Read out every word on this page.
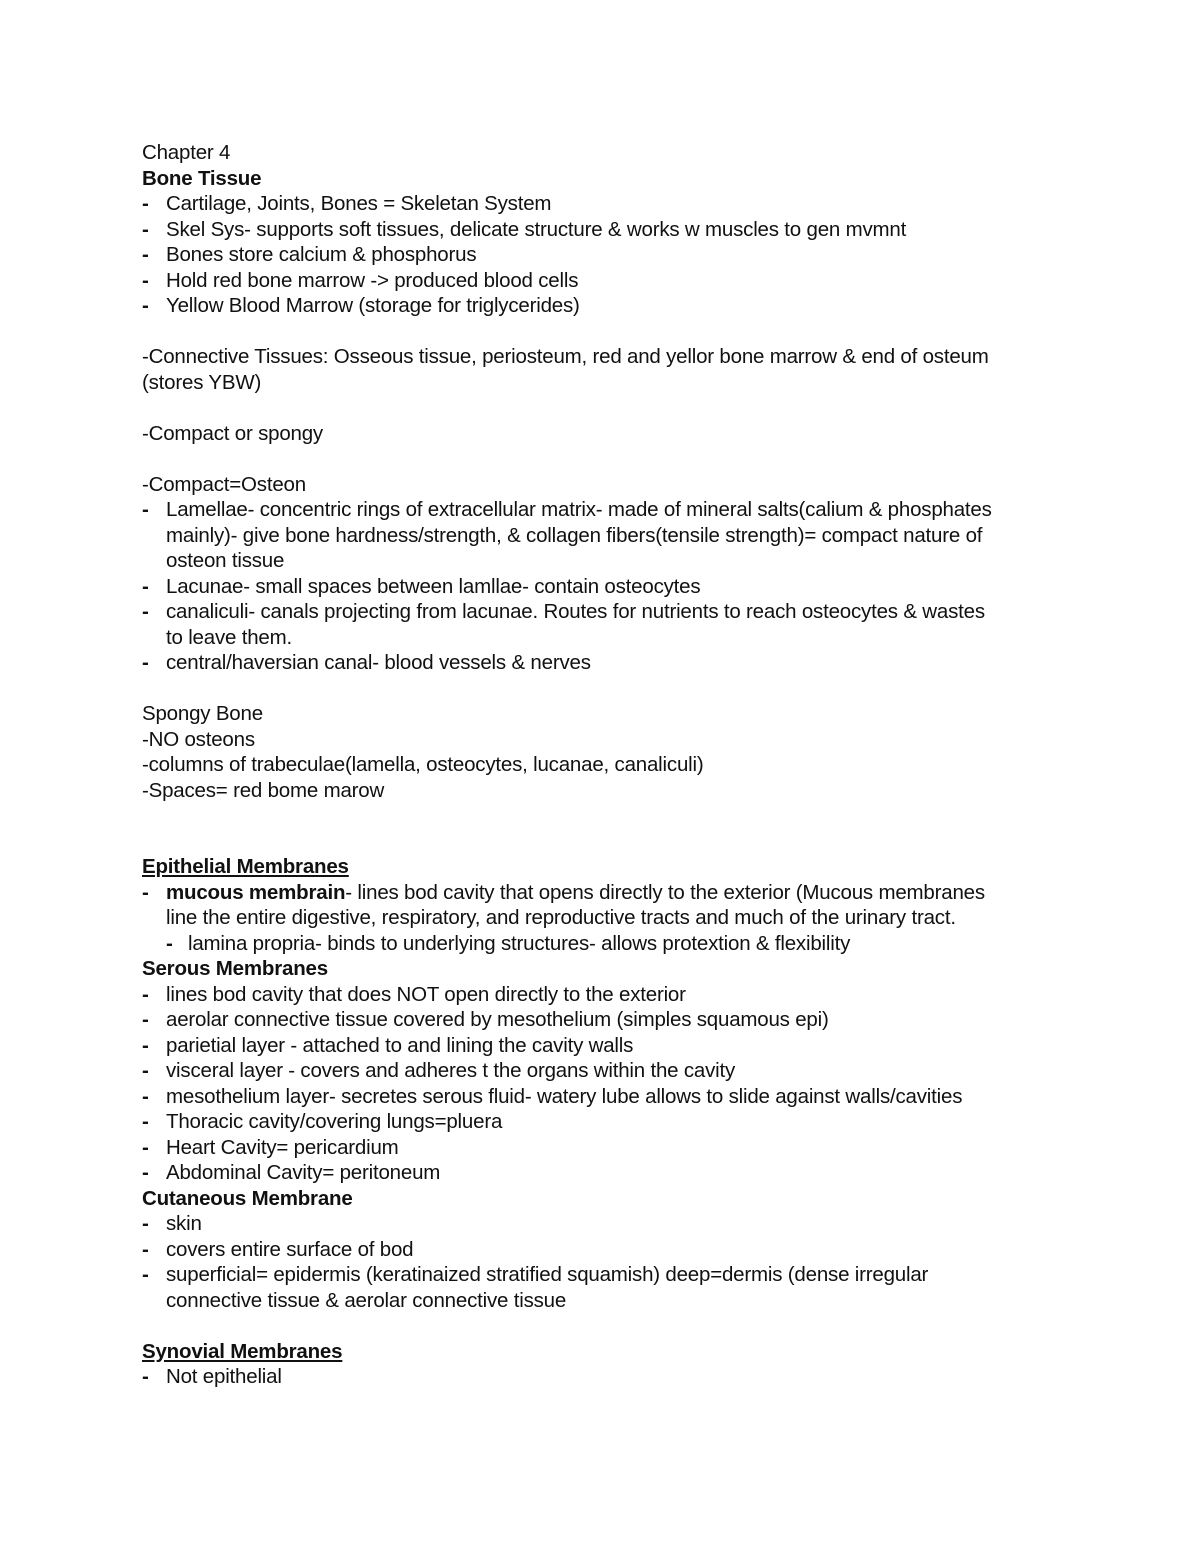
Chapter 4
Bone Tissue
- Cartilage, Joints, Bones = Skeletan System
- Skel Sys- supports soft tissues, delicate structure & works w muscles to gen mvmnt
- Bones store calcium & phosphorus
- Hold red bone marrow -> produced blood cells
- Yellow Blood Marrow (storage for triglycerides)
-Connective Tissues: Osseous tissue, periosteum, red and yellor bone marrow & end of osteum
(stores YBW)
-Compact or spongy
-Compact=Osteon
- Lamellae- concentric rings of extracellular matrix- made of mineral salts(calium & phosphates
mainly)- give bone hardness/strength, & collagen fibers(tensile strength)= compact nature of
osteon tissue
- Lacunae- small spaces between lamllae- contain osteocytes
- canaliculi- canals projecting from lacunae. Routes for nutrients to reach osteocytes & wastes
to leave them.
- central/haversian canal- blood vessels & nerves
Spongy Bone
-NO osteons
-columns of trabeculae(lamella, osteocytes, lucanae, canaliculi)
-Spaces= red bome marow
Epithelial Membranes
- mucous membrain- lines bod cavity that opens directly to the exterior (Mucous membranes
line the entire digestive, respiratory, and reproductive tracts and much of the urinary tract.
- lamina propria- binds to underlying structures- allows protextion & flexibility
Serous Membranes
- lines bod cavity that does NOT open directly to the exterior
- aerolar connective tissue covered by mesothelium (simples squamous epi)
- parietial layer - attached to and lining the cavity walls
- visceral layer - covers and adheres t the organs within the cavity
- mesothelium layer- secretes serous fluid- watery lube allows to slide against walls/cavities
- Thoracic cavity/covering lungs=pluera
- Heart Cavity= pericardium
- Abdominal Cavity= peritoneum
Cutaneous Membrane
- skin
- covers entire surface of bod
- superficial= epidermis (keratinaized stratified squamish) deep=dermis (dense irregular
connective tissue & aerolar connective tissue
Synovial Membranes
- Not epithelial
